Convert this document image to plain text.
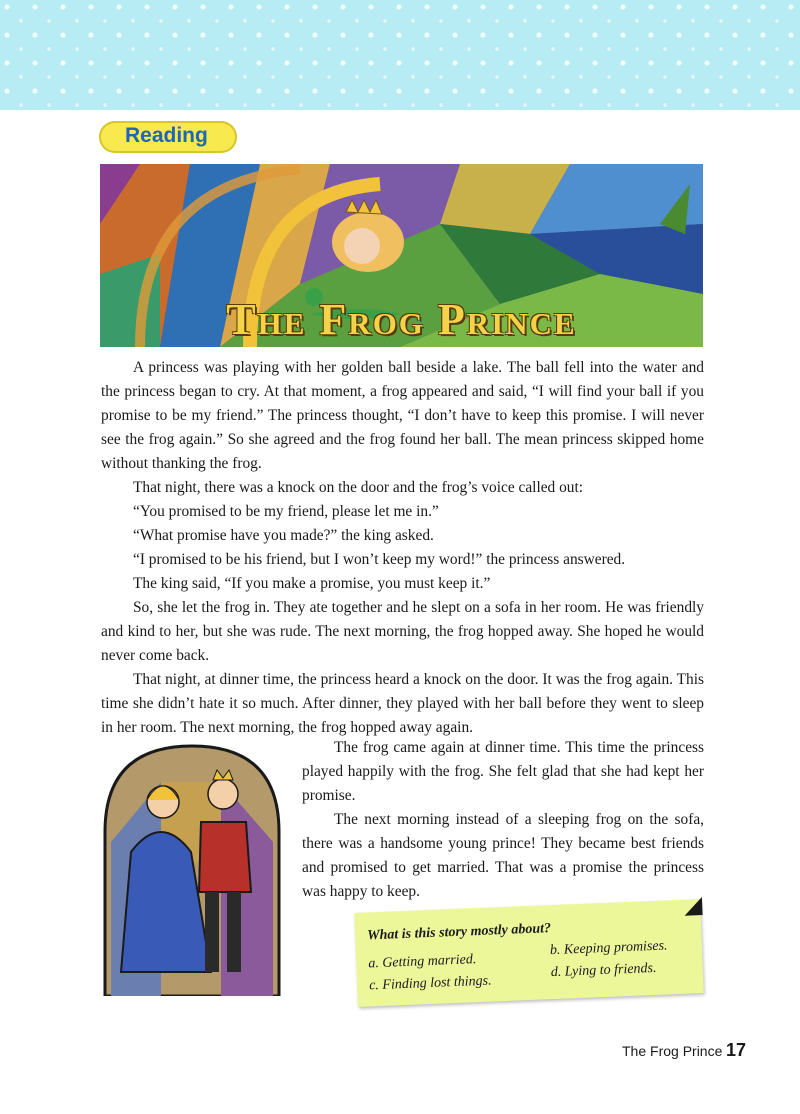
Reading
The Frog Prince

A princess was playing with her golden ball beside a lake. The ball fell into the water and the princess began to cry. At that moment, a frog appeared and said, “I will find your ball if you promise to be my friend.” The princess thought, “I don’t have to keep this promise. I will never see the frog again.” So she agreed and the frog found her ball. The mean princess skipped home without thanking the frog.

That night, there was a knock on the door and the frog’s voice called out:

“You promised to be my friend, please let me in.”

“What promise have you made?” the king asked.

“I promised to be his friend, but I won’t keep my word!” the princess answered.

The king said, “If you make a promise, you must keep it.”

So, she let the frog in. They ate together and he slept on a sofa in her room. He was friendly and kind to her, but she was rude. The next morning, the frog hopped away. She hoped he would never come back.

That night, at dinner time, the princess heard a knock on the door. It was the frog again. This time she didn’t hate it so much. After dinner, they played with her ball before they went to sleep in her room. The next morning, the frog hopped away again.

The frog came again at dinner time. This time the princess played happily with the frog. She felt glad that she had kept her promise.

The next morning instead of a sleeping frog on the sofa, there was a handsome young prince! They became best friends and promised to get married. That was a promise the princess was happy to keep.

What is this story mostly about?
a. Getting married.
b. Keeping promises.
c. Finding lost things.
d. Lying to friends.
The Frog Prince 17
